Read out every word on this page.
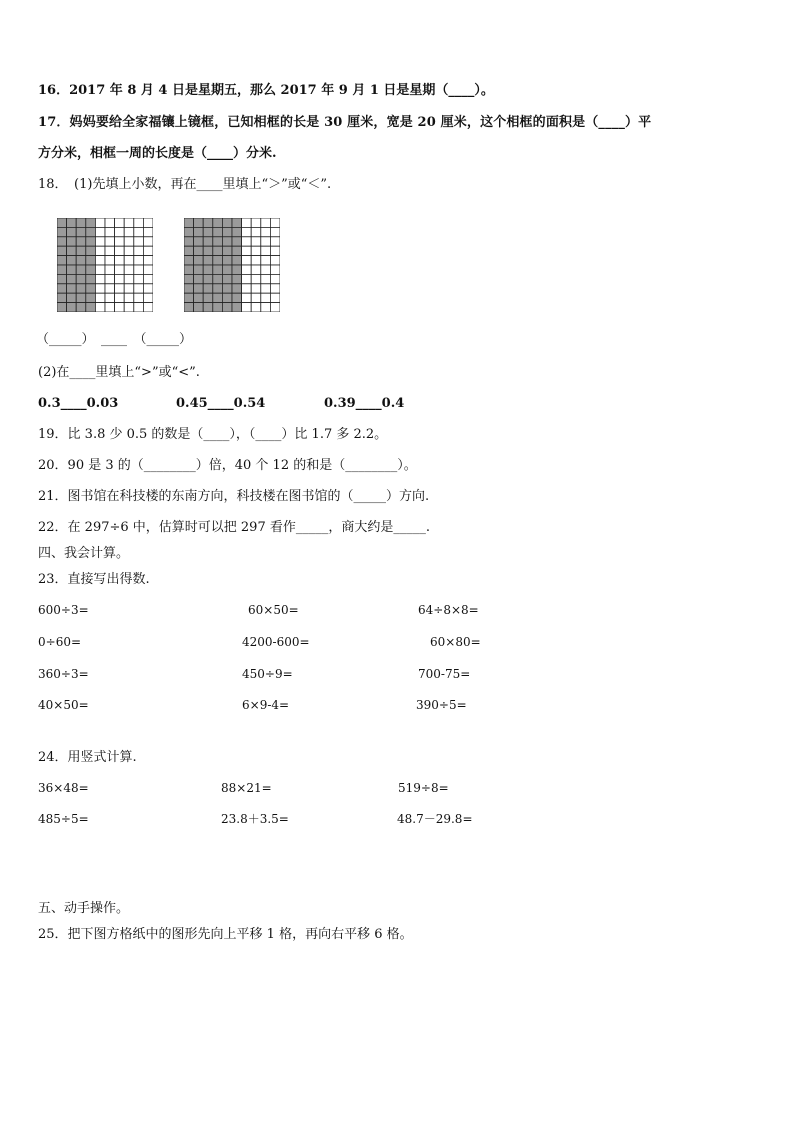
16．2017 年 8 月 4 日是星期五，那么 2017 年 9 月 1 日是星期（____）。
17．妈妈要给全家福镶上镜框，已知相框的长是 30 厘米，宽是 20 厘米，这个相框的面积是（____）平
方分米，相框一周的长度是（____）分米.
18．　(1)先填上小数，再在____里填上“＞”或“＜”.
（_____）　____　（_____）
(2)在____里填上“>”或“<”.
0.3____0.03	0.45____0.54	0.39____0.4
19．比 3.8 少 0.5 的数是（____），（____）比 1.7 多 2.2。
20．90 是 3 的（________）倍，40 个 12 的和是（________）。
21．图书馆在科技楼的东南方向，科技楼在图书馆的（_____）方向.
22．在 297÷6 中，估算时可以把 297 看作_____，商大约是_____.
四、我会计算。
23．直接写出得数.
600÷3=	60×50=	64÷8×8=
0÷60=	4200-600=	60×80=
360÷3=	450÷9=	700-75=
40×50=	6×9-4=	390÷5=
24．用竖式计算.
36×48=	88×21=	519÷8=
485÷5=	23.8＋3.5=	48.7－29.8=
五、动手操作。
25．把下图方格纸中的图形先向上平移 1 格，再向右平移 6 格。
